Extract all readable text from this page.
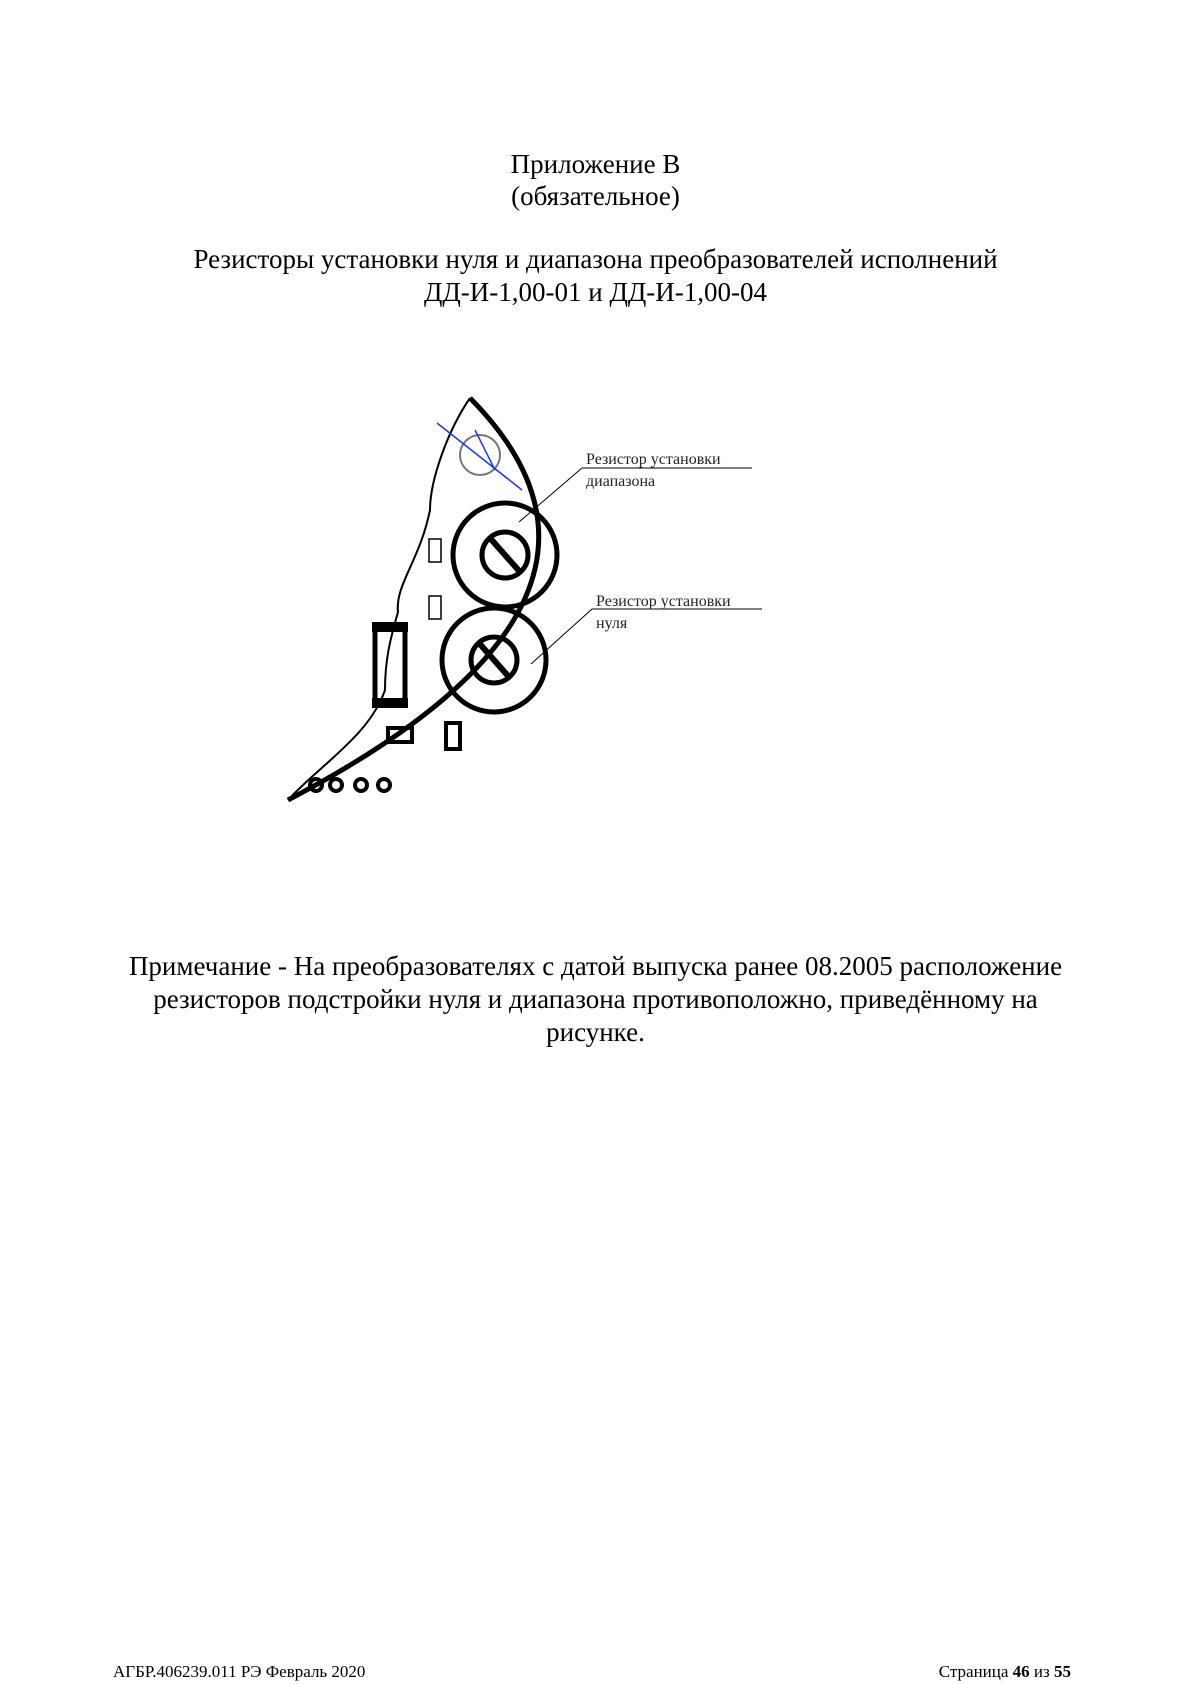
Приложение В
(обязательное)
Резисторы установки нуля и диапазона преобразователей исполнений
ДД-И-1,00-01 и ДД-И-1,00-04
Резистор установки
диапазона
Резистор установки
нуля
Примечание - На преобразователях с датой выпуска ранее 08.2005 расположение
резисторов подстройки нуля и диапазона противоположно, приведённому на
рисунке.
АГБР.406239.011 РЭ Февраль 2020	Страница 46 из 55
